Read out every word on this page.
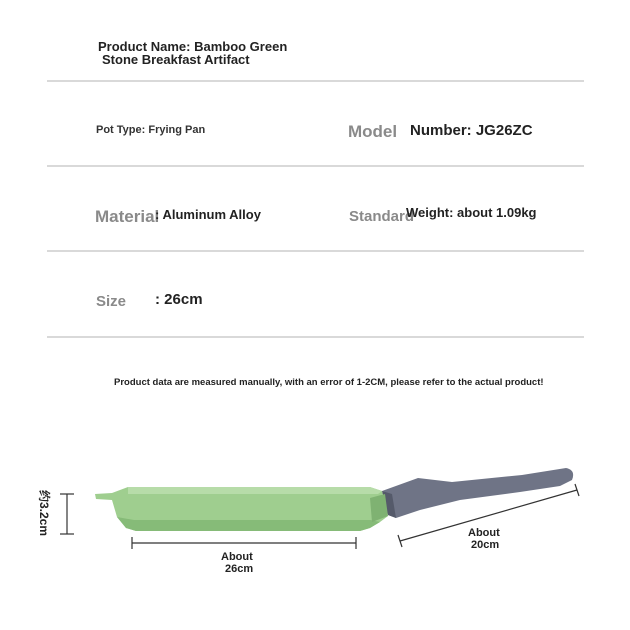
Product Name: Bamboo Green
Stone Breakfast Artifact
Pot Type: Frying Pan	Model Number: JG26ZC
Material
: Aluminum Alloy	Standard
Weight: about 1.09kg
Size : 26cm
Product data are measured manually, with an error of 1-2CM, please refer to the actual product!
约3.2cm
About
26cm
About
20cm
